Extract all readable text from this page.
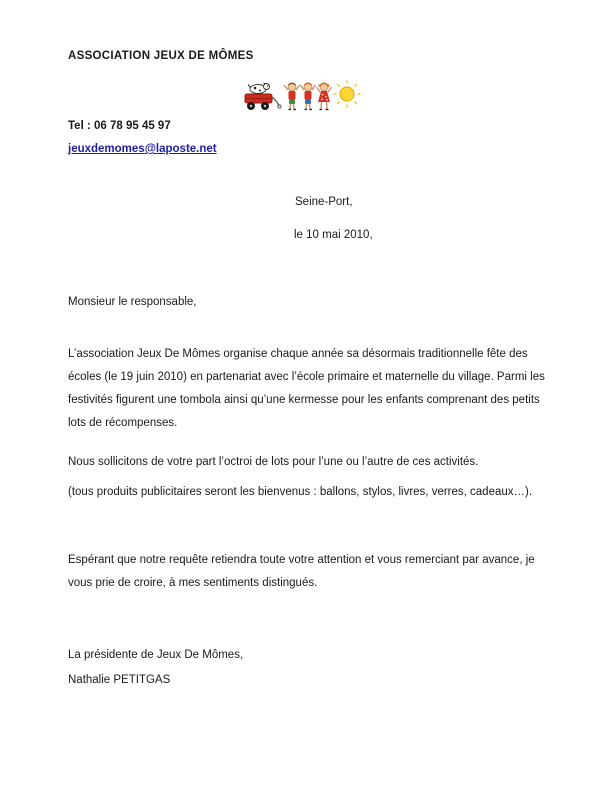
ASSOCIATION JEUX DE MÔMES
Tel : 06 78 95 45 97
jeuxdemomes@laposte.net
Seine-Port,
le 10 mai 2010,

Monsieur le responsable,

L’association Jeux De Mômes organise chaque année sa désormais traditionnelle fête des écoles (le 19 juin 2010) en partenariat avec l’école primaire et maternelle du village. Parmi les festivités figurent une tombola ainsi qu’une kermesse pour les enfants comprenant des petits lots de récompenses.

Nous sollicitons de votre part l’octroi de lots pour l’une ou l’autre de ces activités.

(tous produits publicitaires seront les bienvenus : ballons, stylos, livres, verres, cadeaux…).

Espérant que notre requête retiendra toute votre attention et vous remerciant par avance, je vous prie de croire, à mes sentiments distingués.

La présidente de Jeux De Mômes,

Nathalie PETITGAS
